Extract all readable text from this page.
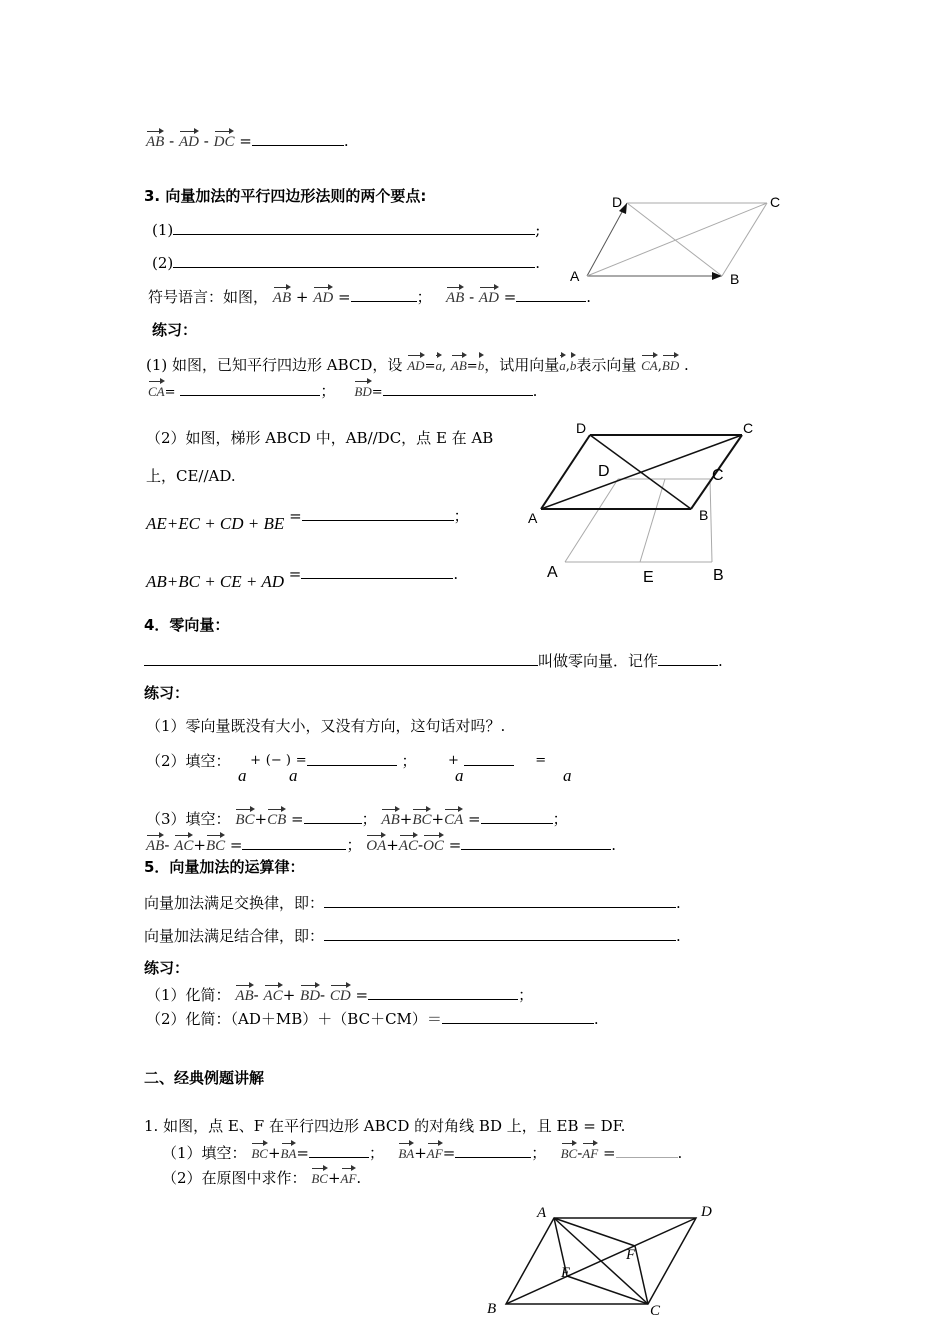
AB - AD - DC =	.
3. 向量加法的平行四边形法则的两个要点:
(1)	;
(2)	.
符号语言：如图， AB + AD =	； AB - AD =	.
A	B
C
D
练习：
(1) 如图，已知平行四边形 ABCD，设 AD=a, AB=b，试用向量a,b表示向量 CA,BD .
CA=	； BD=	.
（2）如图，梯形 ABCD 中，AB//DC，点 E 在 AB
上，CE//AD.
AE+EC + CD + BE =	；
AB+BC + CE + AD =	.
D	C
A	B
D	C
A	E	B
4．零向量：
叫做零向量．记作	.
练习：
（1）零向量既没有大小，又没有方向，这句话对吗？.
（2）填空： + (− ) =	； +	=
a	a	a	a
（3）填空： BC+CB =	； AB+BC+CA =	；
AB- AC+BC =	； OA+AC-OC =	.
5．向量加法的运算律：
向量加法满足交换律，即：	.
向量加法满足结合律，即：	.
练习：
（1）化简： AB- AC+ BD- CD =	；
（2）化简：（AD＋MB）＋（BC＋CM）＝	.
二、经典例题讲解
1. 如图，点 E、F 在平行四边形 ABCD 的对角线 BD 上，且 EB = DF.
（1）填空： BC+BA=	； BA+AF=	； BC-AF =	.
（2）在原图中求作： BC+AF.
A	D
B	C
E
F
